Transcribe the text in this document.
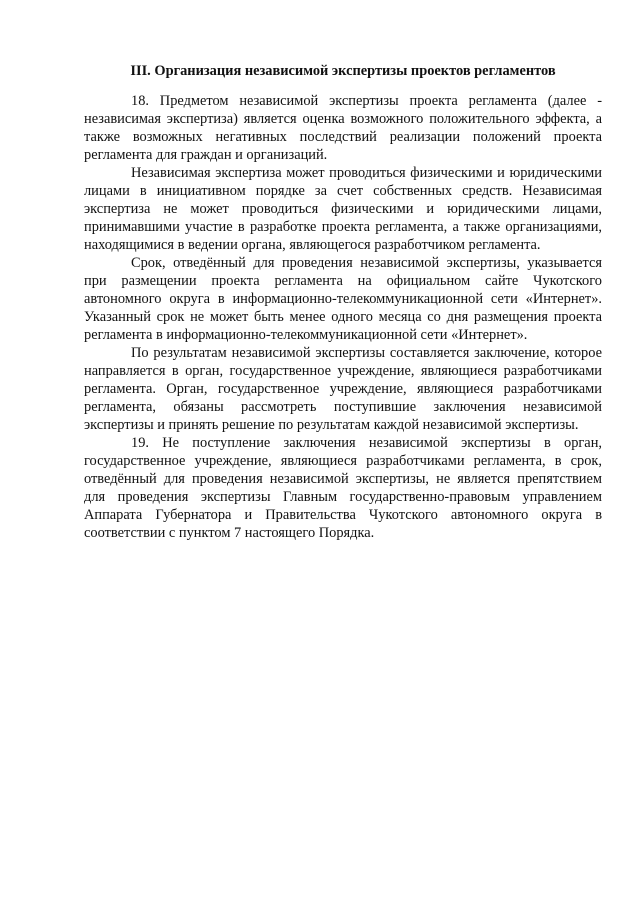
III. Организация независимой экспертизы проектов регламентов

18. Предметом независимой экспертизы проекта регламента (далее - независимая экспертиза) является оценка возможного положительного эффекта, а также возможных негативных последствий реализации положений проекта регламента для граждан и организаций.

Независимая экспертиза может проводиться физическими и юридическими лицами в инициативном порядке за счет собственных средств. Независимая экспертиза не может проводиться физическими и юридическими лицами, принимавшими участие в разработке проекта регламента, а также организациями, находящимися в ведении органа, являющегося разработчиком регламента.

Срок, отведённый для проведения независимой экспертизы, указывается при размещении проекта регламента на официальном сайте Чукотского автономного округа в информационно-телекоммуникационной сети «Интернет». Указанный срок не может быть менее одного месяца со дня размещения проекта регламента в информационно-телекоммуникационной сети «Интернет».

По результатам независимой экспертизы составляется заключение, которое направляется в орган, государственное учреждение, являющиеся разработчиками регламента. Орган, государственное учреждение, являющиеся разработчиками регламента, обязаны рассмотреть поступившие заключения независимой экспертизы и принять решение по результатам каждой независимой экспертизы.

19. Не поступление заключения независимой экспертизы в орган, государственное учреждение, являющиеся разработчиками регламента, в срок, отведённый для проведения независимой экспертизы, не является препятствием для проведения экспертизы Главным государственно-правовым управлением Аппарата Губернатора и Правительства Чукотского автономного округа в соответствии с пунктом 7 настоящего Порядка.
